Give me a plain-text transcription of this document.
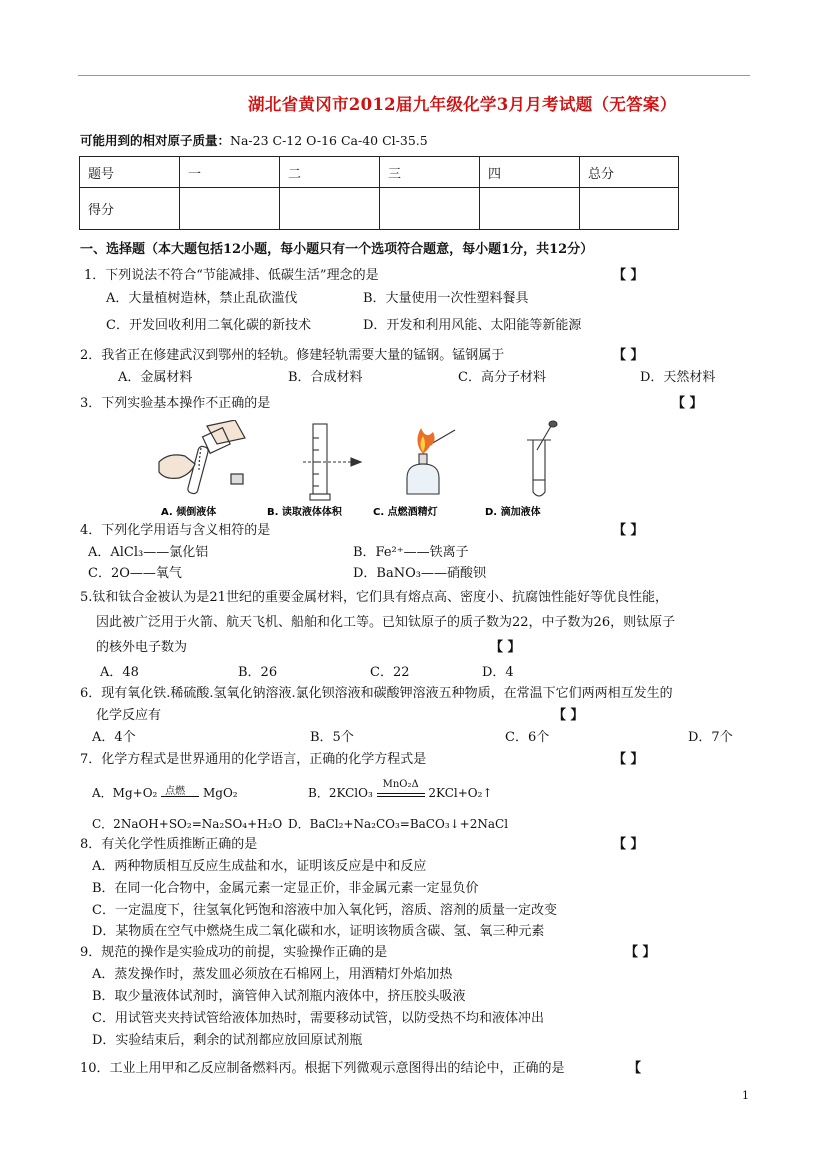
湖北省黄冈市2012届九年级化学3月月考试题（无答案）
可能用到的相对原子质量：Na-23 C-12 O-16 Ca-40 Cl-35.5
题号	一	二	三	四	总分
得分					
一、选择题（本大题包括12小题，每小题只有一个选项符合题意，每小题1分，共12分）
1．下列说法不符合“节能减排、低碳生活”理念的是	【 】
A．大量植树造林，禁止乱砍滥伐	B．大量使用一次性塑料餐具
C．开发回收利用二氧化碳的新技术	D．开发和利用风能、太阳能等新能源
2．我省正在修建武汉到鄂州的轻轨。修建轻轨需要大量的锰钢。锰钢属于	【 】
A．金属材料	B．合成材料	C．高分子材料	D．天然材料
3．下列实验基本操作不正确的是	【 】
A. 倾倒液体	B. 读取液体体积	C. 点燃酒精灯	D. 滴加液体
4．下列化学用语与含义相符的是	【 】
A．AlCl₃——氯化铝	B．Fe²⁺——铁离子
C．2O——氧气	D．BaNO₃——硝酸钡
5.钛和钛合金被认为是21世纪的重要金属材料，它们具有熔点高、密度小、抗腐蚀性能好等优良性能，
因此被广泛用于火箭、航天飞机、船舶和化工等。已知钛原子的质子数为22，中子数为26，则钛原子
的核外电子数为	【 】
A．48	B．26	C．22	D．4
6．现有氧化铁.稀硫酸.氢氧化钠溶液.氯化钡溶液和碳酸钾溶液五种物质，在常温下它们两两相互发生的
化学反应有	【 】
A．4个	B．5个	C．6个	D．7个
7．化学方程式是世界通用的化学语言，正确的化学方程式是	【 】
A．Mg+O₂ 点燃 MgO₂	B．2KClO₃
MnO₂Δ
2KCl+O₂↑
C．2NaOH+SO₂=Na₂SO₄+H₂O D．BaCl₂+Na₂CO₃=BaCO₃↓+2NaCl
8．有关化学性质推断正确的是	【 】
A．两种物质相互反应生成盐和水，证明该反应是中和反应
B．在同一化合物中，金属元素一定显正价，非金属元素一定显负价
C．一定温度下，往氢氧化钙饱和溶液中加入氧化钙，溶质、溶剂的质量一定改变
D．某物质在空气中燃烧生成二氧化碳和水，证明该物质含碳、氢、氧三种元素
9．规范的操作是实验成功的前提，实验操作正确的是	【 】
A．蒸发操作时，蒸发皿必须放在石棉网上，用酒精灯外焰加热
B．取少量液体试剂时，滴管伸入试剂瓶内液体中，挤压胶头吸液
C．用试管夹夹持试管给液体加热时，需要移动试管，以防受热不均和液体冲出
D．实验结束后，剩余的试剂都应放回原试剂瓶
10．工业上用甲和乙反应制备燃料丙。根据下列微观示意图得出的结论中，正确的是	【
1
